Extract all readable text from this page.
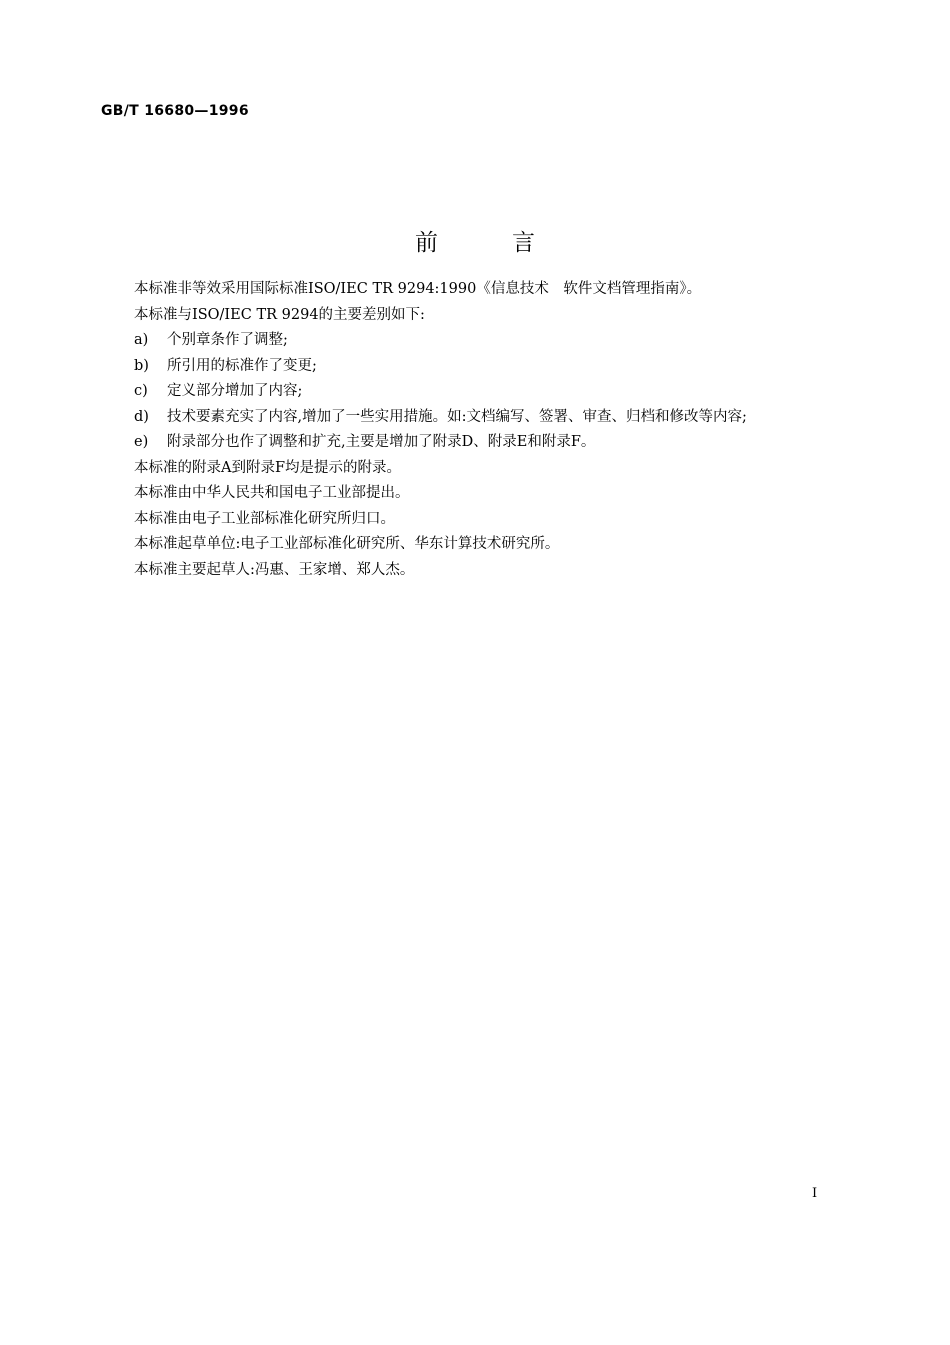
GB/T 16680—1996
前	言
本标准非等效采用国际标准ISO/IEC TR 9294:1990《信息技术　软件文档管理指南》。
本标准与ISO/IEC TR 9294的主要差别如下:
a) 个别章条作了调整;
b) 所引用的标准作了变更;
c) 定义部分增加了内容;
d) 技术要素充实了内容,增加了一些实用措施。如:文档编写、签署、审查、归档和修改等内容;
e) 附录部分也作了调整和扩充,主要是增加了附录D、附录E和附录F。
本标准的附录A到附录F均是提示的附录。
本标准由中华人民共和国电子工业部提出。
本标准由电子工业部标准化研究所归口。
本标准起草单位:电子工业部标准化研究所、华东计算技术研究所。
本标准主要起草人:冯惠、王家增、郑人杰。
I
